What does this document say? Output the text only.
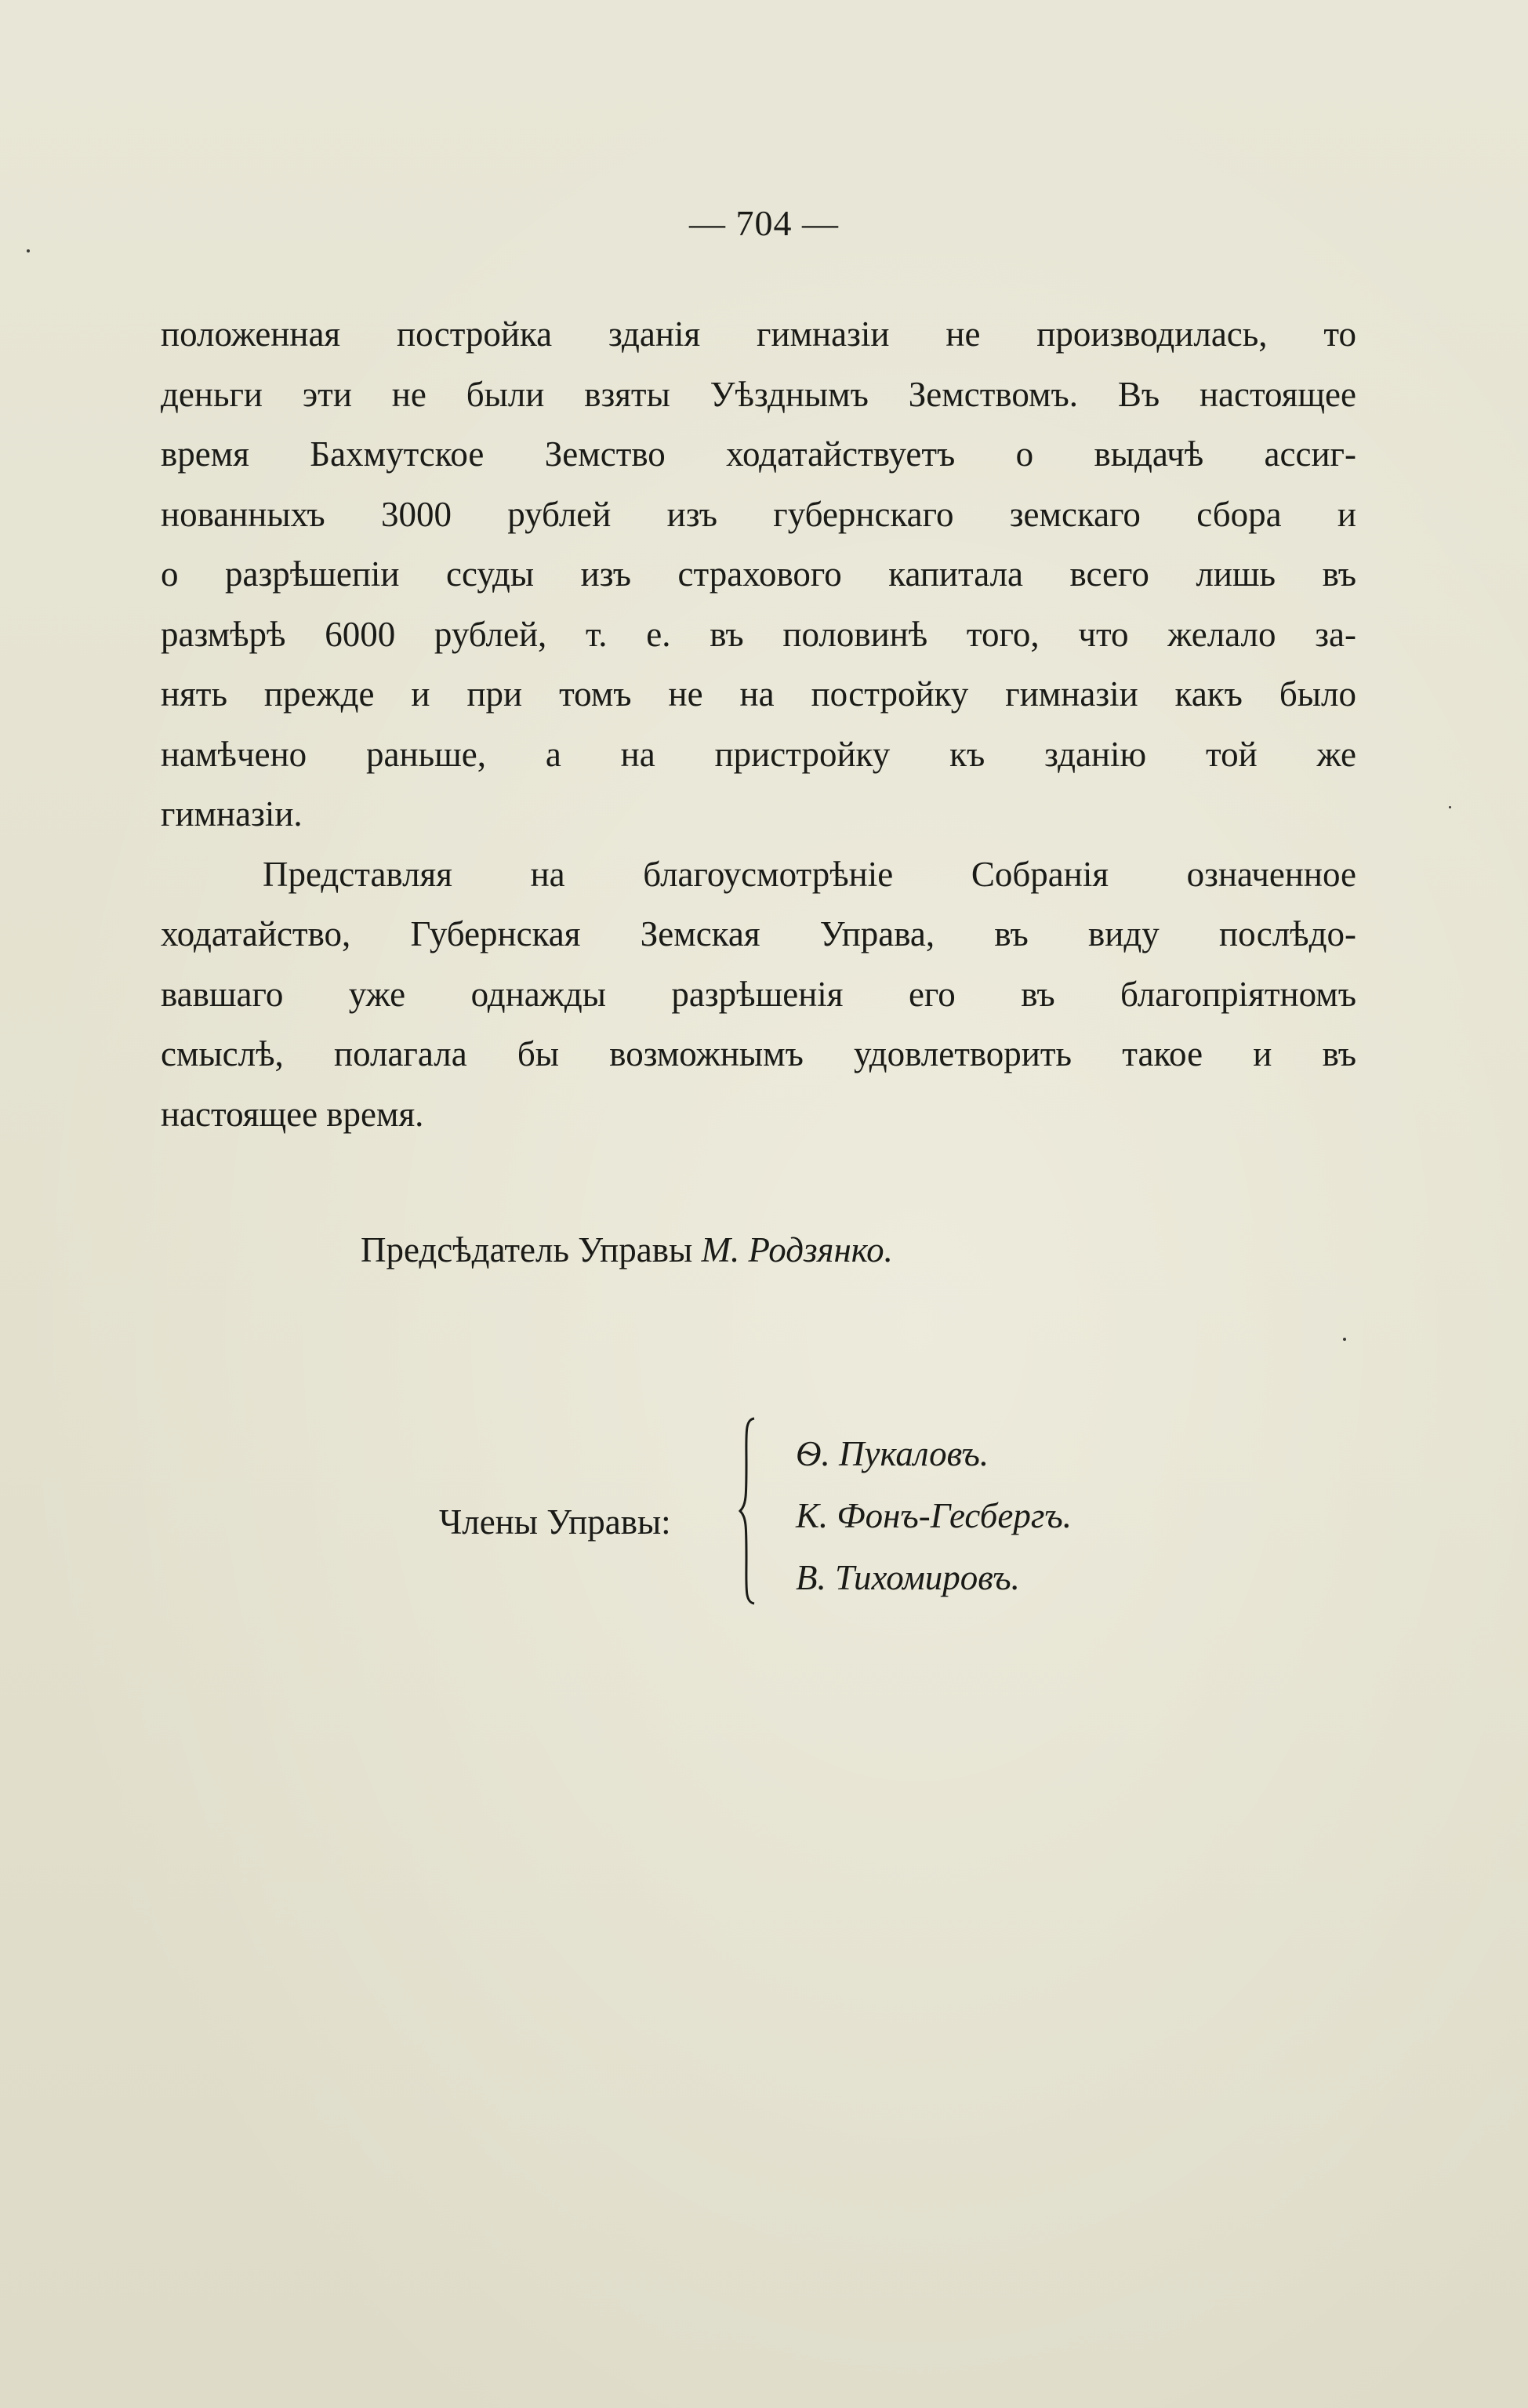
— 704 —
положенная постройка зданія гимназіи не производилась, то
деньги эти не были взяты Уѣзднымъ Земствомъ. Въ настоящее
время Бахмутское Земство ходатайствуетъ о выдачѣ ассиг-
нованныхъ 3000 рублей изъ губернскаго земскаго сбора и
о разрѣшепіи ссуды изъ страхового капитала всего лишь въ
размѣрѣ 6000 рублей, т. е. въ половинѣ того, что желало за-
нять прежде и при томъ не на постройку гимназіи какъ было
намѣчено раньше, а на пристройку къ зданію той же
гимназіи.
Представляя на благоусмотрѣніе Собранія означенное
ходатайство, Губернская Земская Управа, въ виду послѣдо-
вавшаго уже однажды разрѣшенія его въ благопріятномъ
смыслѣ, полагала бы возможнымъ удовлетворить такое и въ
настоящее время.
Предсѣдатель Управы М. Родзянко.
Члены Управы:
Ѳ. Пукаловъ.
К. Фонъ-Гесбергъ.
В. Тихомировъ.
